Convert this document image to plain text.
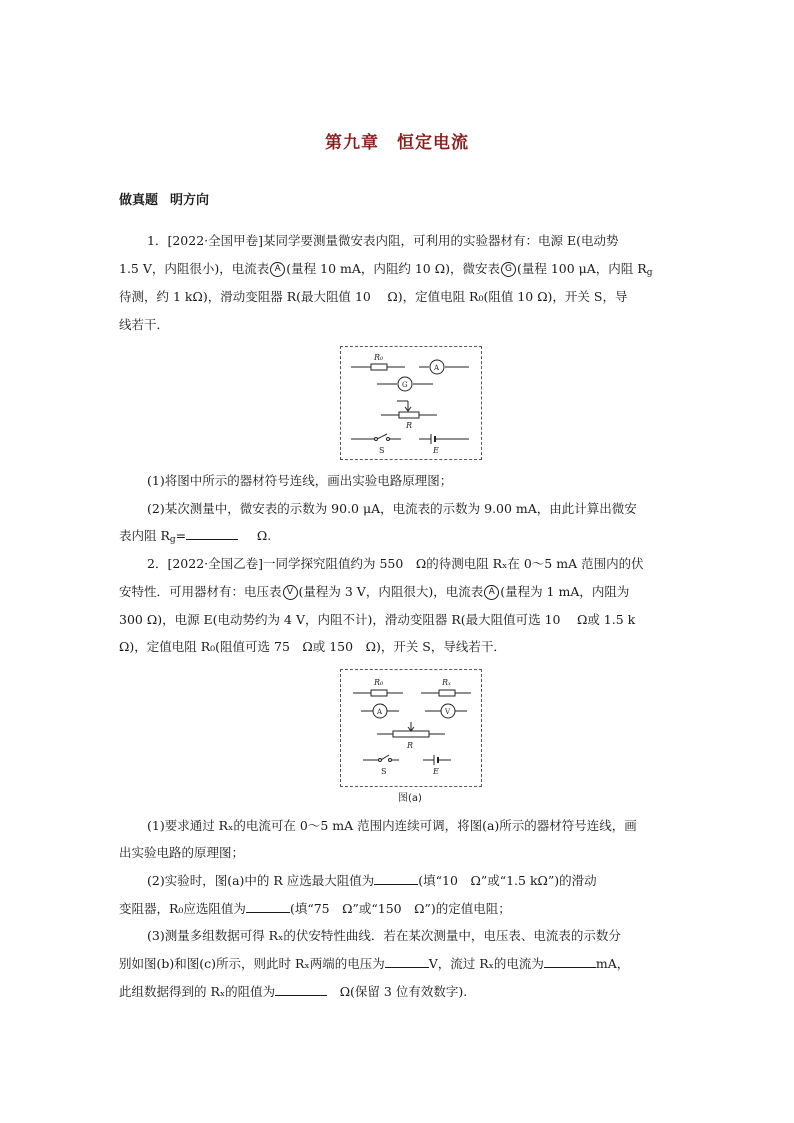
第九章 恒定电流
做真题 明方向
1．[2022·全国甲卷]某同学要测量微安表内阻，可利用的实验器材有：电源 E(电动势
1.5 V，内阻很小)，电流表 A (量程 10 mA，内阻约 10 Ω)，微安表 G (量程 100 μA，内阻 $R_g$
待测，约 1 kΩ)，滑动变阻器 R(最大阻值 10　 Ω)，定值电阻 R₀(阻值 10 Ω)，开关 S，导
线若干．
R₀
A
G
R
S	E
(1)将图中所示的器材符号连线，画出实验电路原理图；
(2)某次测量中，微安表的示数为 90.0 μA，电流表的示数为 9.00 mA，由此计算出微安
表内阻 $R_g=$  	Ω.
2．[2022·全国乙卷]一同学探究阻值约为 550　Ω的待测电阻 Rₓ在 0～5 mA 范围内的伏
安特性．可用器材有：电压表 V (量程为 3 V，内阻很大)，电流表 A (量程为 1 mA，内阻为
300 Ω)，电源 E(电动势约为 4 V，内阻不计)，滑动变阻器 R(最大阻值可选 10　 Ω或 1.5 k
Ω)，定值电阻 R₀(阻值可选 75　Ω或 150　Ω)，开关 S，导线若干．
R₀	Rₓ
A	V
R
S	E
图(a)
(1)要求通过 Rₓ的电流可在 0～5 mA 范围内连续可调，将图(a)所示的器材符号连线，画
出实验电路的原理图；
(2)实验时，图(a)中的 R 应选最大阻值为	(填“10　Ω”或“1.5 kΩ”)的滑动
变阻器，R₀应选阻值为	(填“75　Ω”或“150　Ω”)的定值电阻；
(3)测量多组数据可得 Rₓ的伏安特性曲线．若在某次测量中，电压表、电流表的示数分
别如图(b)和图(c)所示，则此时 Rₓ两端的电压为	V，流过 Rₓ的电流为	mA，
此组数据得到的 Rₓ的阻值为 	Ω(保留 3 位有效数字).
